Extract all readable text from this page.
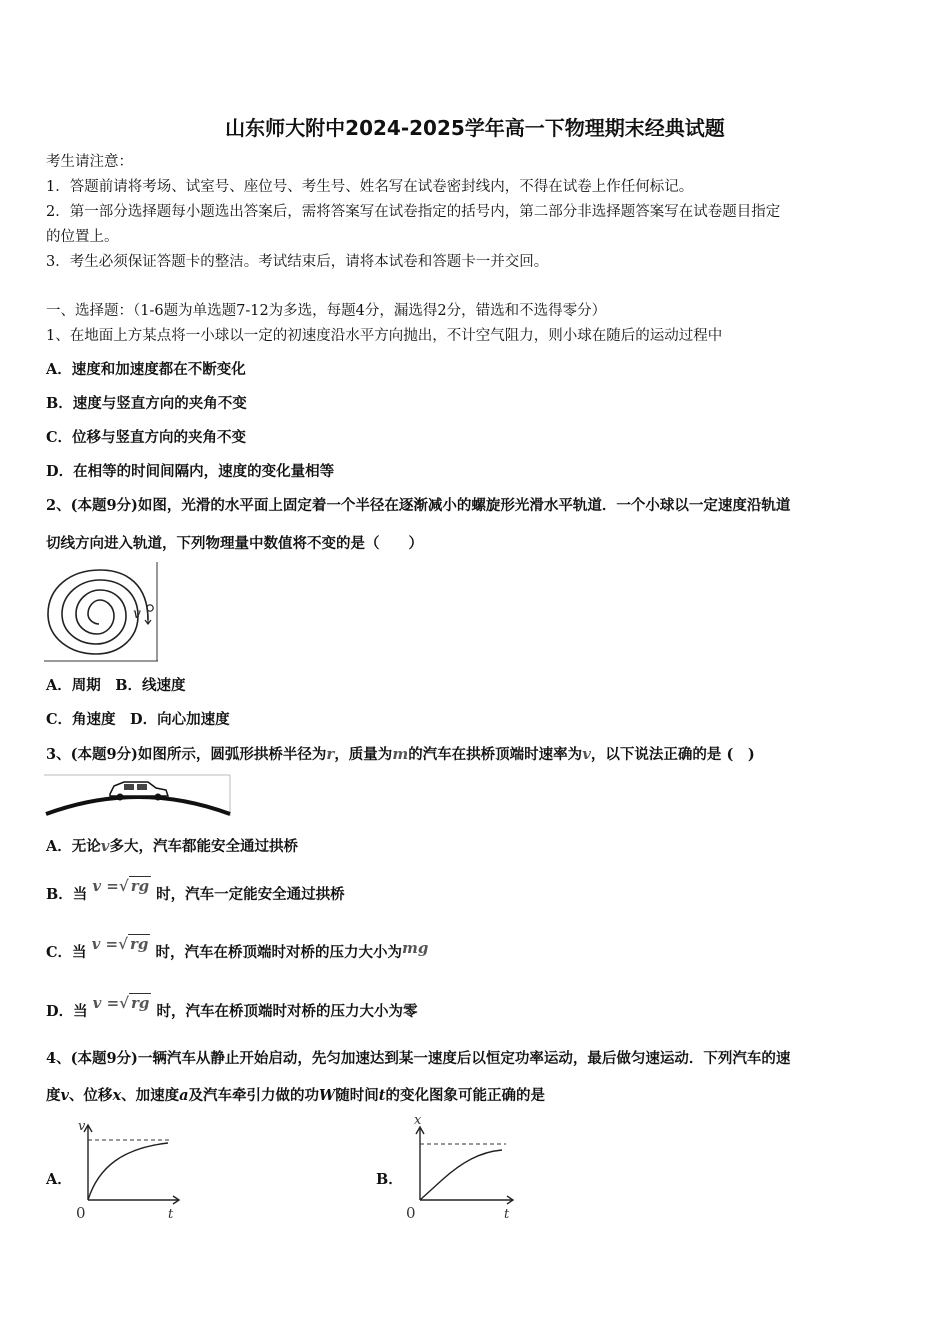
山东师大附中2024-2025学年高一下物理期末经典试题
考生请注意：
1．答题前请将考场、试室号、座位号、考生号、姓名写在试卷密封线内，不得在试卷上作任何标记。
2．第一部分选择题每小题选出答案后，需将答案写在试卷指定的括号内，第二部分非选择题答案写在试卷题目指定
的位置上。
3．考生必须保证答题卡的整洁。考试结束后，请将本试卷和答题卡一并交回。
一、选择题：（1-6题为单选题7-12为多选，每题4分，漏选得2分，错选和不选得零分）
1、在地面上方某点将一小球以一定的初速度沿水平方向抛出，不计空气阻力，则小球在随后的运动过程中
A．速度和加速度都在不断变化
B．速度与竖直方向的夹角不变
C．位移与竖直方向的夹角不变
D．在相等的时间间隔内，速度的变化量相等
2、(本题9分)如图，光滑的水平面上固定着一个半径在逐渐减小的螺旋形光滑水平轨道．一个小球以一定速度沿轨道
切线方向进入轨道，下列物理量中数值将不变的是（　　）
v
A．周期　B．线速度
C．角速度　D．向心加速度
3、(本题9分)如图所示，圆弧形拱桥半径为r，质量为m的汽车在拱桥顶端时速率为v，以下说法正确的是 (　)
A．无论v多大，汽车都能安全通过拱桥
B．当 v =√ rg 时，汽车一定能安全通过拱桥
C．当 v =√ rg 时，汽车在桥顶端时对桥的压力大小为mg
D．当 v =√ rg 时，汽车在桥顶端时对桥的压力大小为零
4、(本题9分)一辆汽车从静止开始启动，先匀加速达到某一速度后以恒定功率运动，最后做匀速运动．下列汽车的速
度v、位移x、加速度a及汽车牵引力做的功W随时间t的变化图象可能正确的是
A．
v
t
0
B．
x
t
0
